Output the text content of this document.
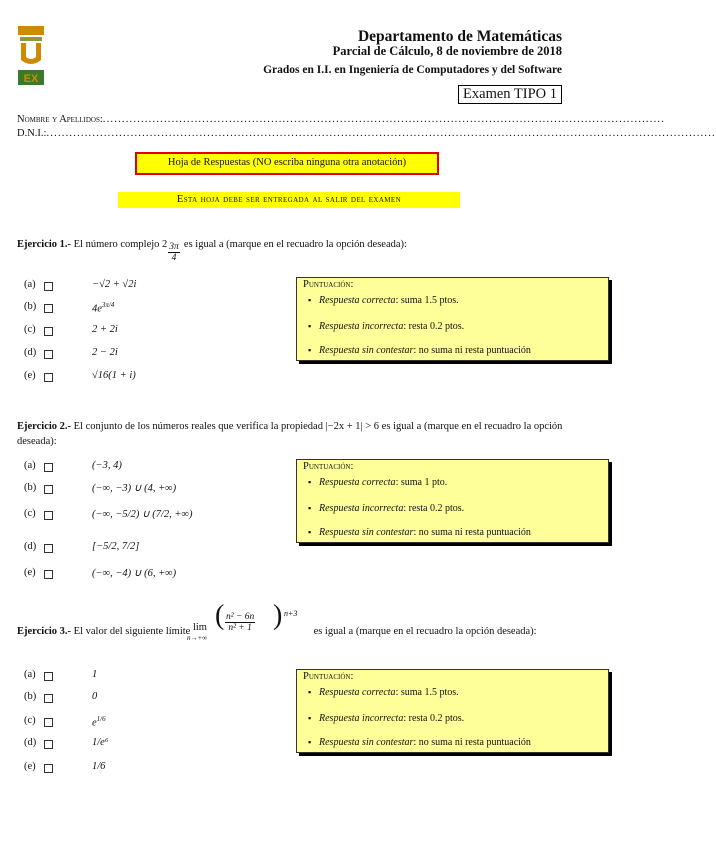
EX
Departamento de Matemáticas
Parcial de Cálculo, 8 de noviembre de 2018
Grados en I.I. en Ingeniería de Computadores y del Software
Examen TIPO 1
Nombre y Apellidos:...................................................................................................................................................
D.N.I.:...............................................................................................................................................................................
Hoja de Respuestas (NO escriba ninguna otra anotación)
Esta hoja debe ser entregada al salir del examen
Ejercicio 1.- El número complejo $2 \frac{3\pi}{4}$ es igual a (marque en el recuadro la opción deseada):
(a)	−√2 + √2i
(b)	$4e^{3\pi/4}$
(c)	2 + 2i
(d)	2 − 2i
(e)	√16(1 + i)
Puntuación:
▪ Respuesta correcta: suma 1.5 ptos.
▪ Respuesta incorrecta: resta 0.2 ptos.
▪ Respuesta sin contestar: no suma ni resta puntuación
Ejercicio 2.- El conjunto de los números reales que verifica la propiedad |−2x + 1| > 6 es igual a (marque en el recuadro la opción deseada):
(a)	(−3, 4)
(b)	(−∞, −3) ∪ (4, +∞)
(c)	(−∞, −5/2) ∪ (7/2, +∞)
(d)	[−5/2, 7/2]
(e)	(−∞, −4) ∪ (6, +∞)
Puntuación:
▪ Respuesta correcta: suma 1 pto.
▪ Respuesta incorrecta: resta 0.2 ptos.
▪ Respuesta sin contestar: no suma ni resta puntuación
Ejercicio 3.- El valor del siguiente límite lim
n→+∞
( $\frac{\text{n² − 6n}}{\text{n² + 1}}$ ) n+3
es igual a (marque en el recuadro la opción deseada):
(a)	1
(b)	0
(c)	$e^{1/6}$
(d)	1/e⁶
(e)	1/6
Puntuación:
▪ Respuesta correcta: suma 1.5 ptos.
▪ Respuesta incorrecta: resta 0.2 ptos.
▪ Respuesta sin contestar: no suma ni resta puntuación
